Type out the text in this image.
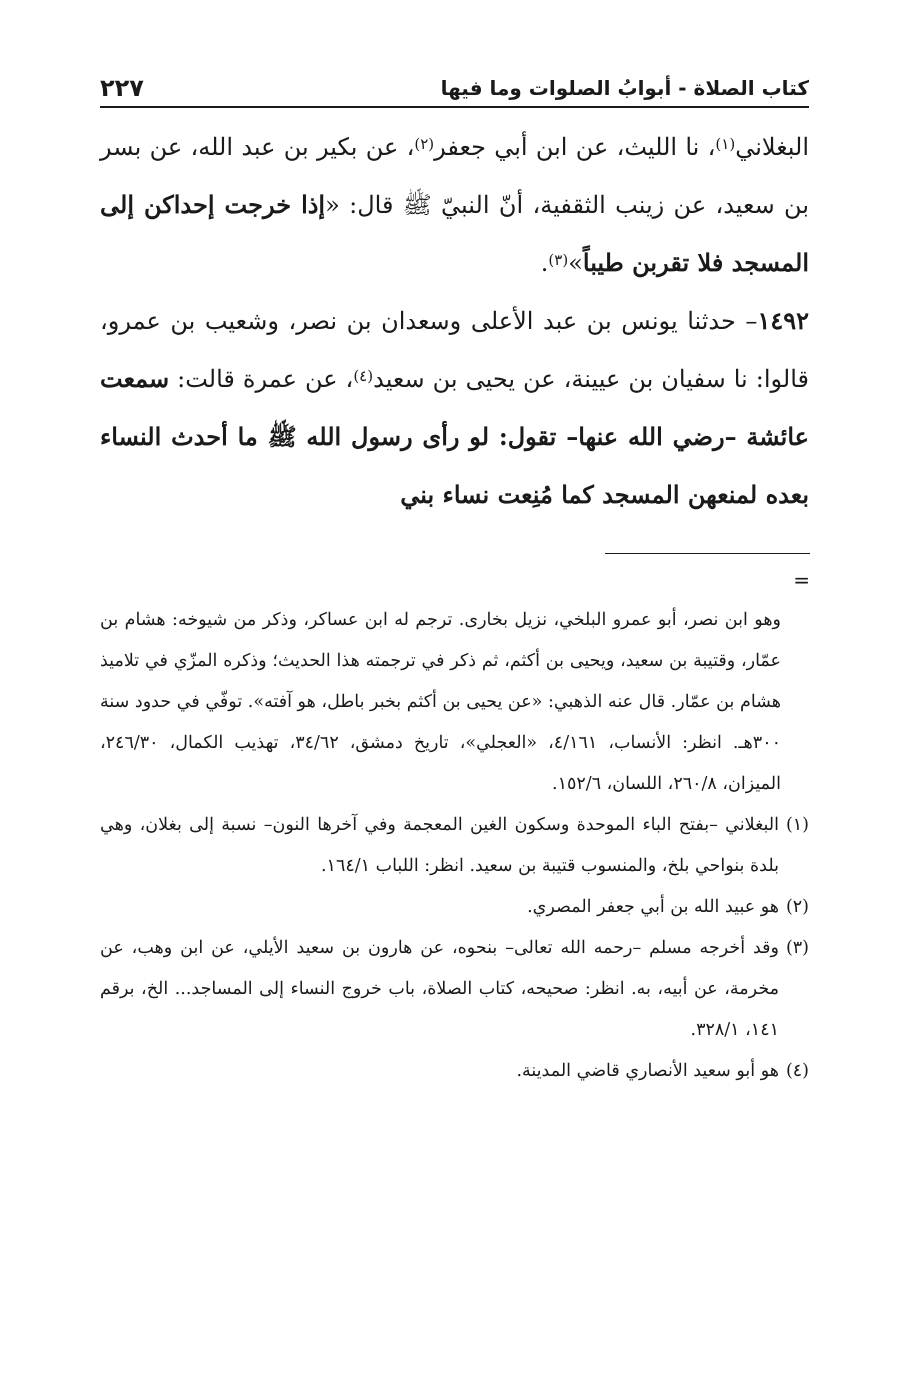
كتاب الصلاة - أبوابُ الصلوات وما فيها
٢٢٧

البغلاني$^{(١)}$، نا الليث، عن ابن أبي جعفر$^{(٢)}$، عن بكير بن عبد الله، عن بسر بن سعيد، عن زينب الثقفية، أنّ النبيّ ﷺ قال: «إذا خرجت إحداكن إلى المسجد فلا تقربن طيباً»$^{(٣)}$.

١٤٩٢– حدثنا يونس بن عبد الأعلى وسعدان بن نصر، وشعيب بن عمرو، قالوا: نا سفيان بن عيينة، عن يحيى بن سعيد$^{(٤)}$، عن عمرة قالت: سمعت عائشة –رضي الله عنها– تقول: لو رأى رسول الله ﷺ ما أحدث النساء بعده لمنعهن المسجد كما مُنِعت نساء بني

=

وهو ابن نصر، أبو عمرو البلخي، نزيل بخارى. ترجم له ابن عساكر، وذكر من شيوخه: هشام بن عمّار، وقتيبة بن سعيد، ويحيى بن أكثم، ثم ذكر في ترجمته هذا الحديث؛ وذكره المزّي في تلاميذ هشام بن عمّار. قال عنه الذهبي: «عن يحيى بن أكثم بخبر باطل، هو آفته». توفّي في حدود سنة ٣٠٠هـ. انظر: الأنساب، ٤/١٦١، «العجلي»، تاريخ دمشق، ٣٤/٦٢، تهذيب الكمال، ٢٤٦/٣٠، الميزان، ٢٦٠/٨، اللسان، ١٥٢/٦.

(١)
البغلاني –بفتح الباء الموحدة وسكون الغين المعجمة وفي آخرها النون– نسبة إلى بغلان، وهي بلدة بنواحي بلخ، والمنسوب قتيبة بن سعيد. انظر: اللباب ١٦٤/١.
(٢)
هو عبيد الله بن أبي جعفر المصري.
(٣)
وقد أخرجه مسلم –رحمه الله تعالى– بنحوه، عن هارون بن سعيد الأيلي، عن ابن وهب، عن مخرمة، عن أبيه، به. انظر: صحيحه، كتاب الصلاة، باب خروج النساء إلى المساجد... الخ، برقم ١٤١، ٣٢٨/١.
(٤)
هو أبو سعيد الأنصاري قاضي المدينة.
